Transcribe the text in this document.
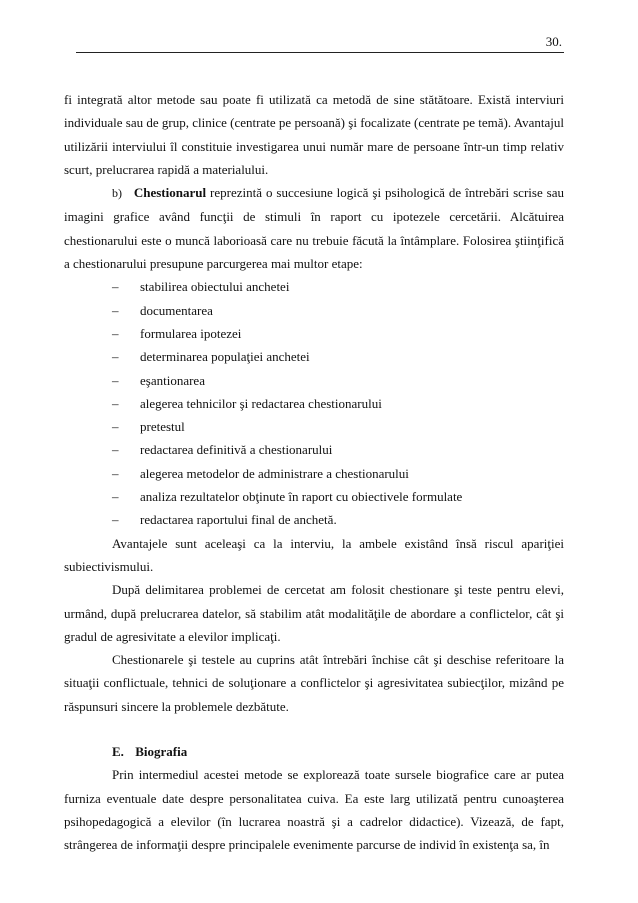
30.

fi integrată altor metode sau poate fi utilizată ca metodă de sine stătătoare. Există interviuri individuale sau de grup, clinice (centrate pe persoană) şi focalizate (centrate pe temă). Avantajul utilizării interviului îl constituie investigarea unui număr mare de persoane într-un timp relativ scurt, prelucrarea rapidă a materialului.

b) Chestionarul reprezintă o succesiune logică şi psihologică de întrebări scrise sau imagini grafice având funcţii de stimuli în raport cu ipotezele cercetării. Alcătuirea chestionarului este o muncă laborioasă care nu trebuie făcută la întâmplare. Folosirea ştiinţifică a chestionarului presupune parcurgerea mai multor etape:

– stabilirea obiectului anchetei
– documentarea
– formularea ipotezei
– determinarea populaţiei anchetei
– eşantionarea
– alegerea tehnicilor şi redactarea chestionarului
– pretestul
– redactarea definitivă a chestionarului
– alegerea metodelor de administrare a chestionarului
– analiza rezultatelor obţinute în raport cu obiectivele formulate
– redactarea raportului final de anchetă.

Avantajele sunt aceleaşi ca la interviu, la ambele existând însă riscul apariţiei subiectivismului.

După delimitarea problemei de cercetat am folosit chestionare şi teste pentru elevi, urmând, după prelucrarea datelor, să stabilim atât modalităţile de abordare a conflictelor, cât şi gradul de agresivitate a elevilor implicaţi.

Chestionarele şi testele au cuprins atât întrebări închise cât şi deschise referitoare la situaţii conflictuale, tehnici de soluţionare a conflictelor şi agresivitatea subiecţilor, mizând pe răspunsuri sincere la problemele dezbătute.

E. Biografia

Prin intermediul acestei metode se explorează toate sursele biografice care ar putea furniza eventuale date despre personalitatea cuiva. Ea este larg utilizată pentru cunoaşterea psihopedagogică a elevilor (în lucrarea noastră şi a cadrelor didactice). Vizează, de fapt, strângerea de informaţii despre principalele evenimente parcurse de individ în existenţa sa, în
